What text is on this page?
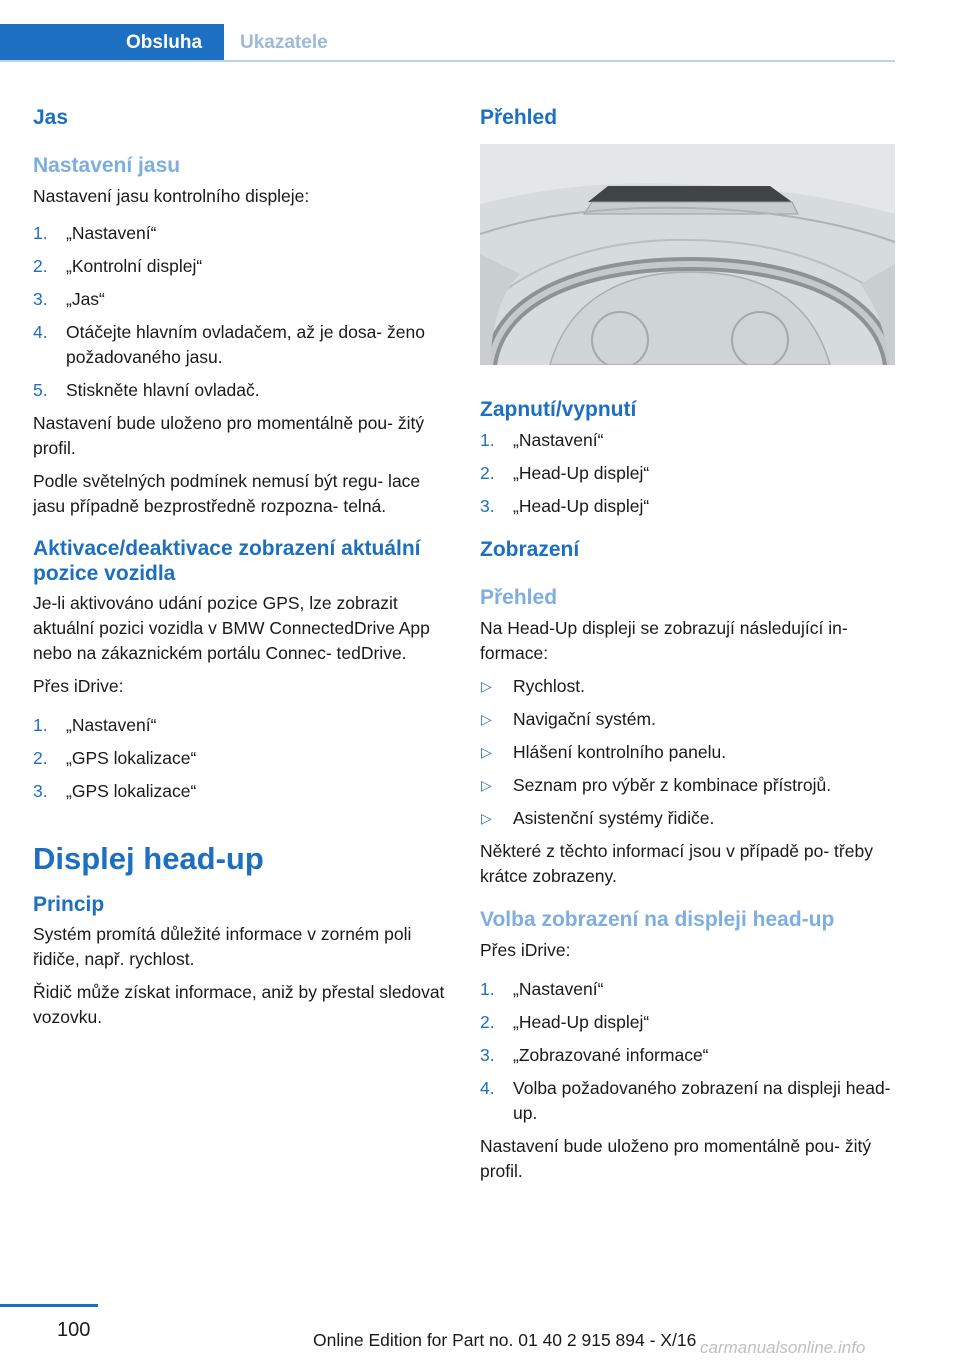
Obsluha	Ukazatele
Jas
Nastavení jasu
Nastavení jasu kontrolního displeje:
1. „Nastavení“
2. „Kontrolní displej“
3. „Jas“
4. Otáčejte hlavním ovladačem, až je dosa‐ ženo požadovaného jasu.
5. Stiskněte hlavní ovladač.
Nastavení bude uloženo pro momentálně pou‐ žitý profil.
Podle světelných podmínek nemusí být regu‐ lace jasu případně bezprostředně rozpozna‐ telná.
Aktivace/deaktivace zobrazení aktuální pozice vozidla
Je-li aktivováno udání pozice GPS, lze zobrazit aktuální pozici vozidla v BMW ConnectedDrive App nebo na zákaznickém portálu Connec‐ tedDrive.
Přes iDrive:
1. „Nastavení“
2. „GPS lokalizace“
3. „GPS lokalizace“
Displej head-up
Princip
Systém promítá důležité informace v zorném poli řidiče, např. rychlost.
Řidič může získat informace, aniž by přestal sledovat vozovku.
Přehled
Zapnutí/vypnutí
1. „Nastavení“
2. „Head-Up displej“
3. „Head-Up displej“
Zobrazení
Přehled
Na Head-Up displeji se zobrazují následující in‐ formace:
▷ Rychlost.
▷ Navigační systém.
▷ Hlášení kontrolního panelu.
▷ Seznam pro výběr z kombinace přístrojů.
▷ Asistenční systémy řidiče.
Některé z těchto informací jsou v případě po‐ třeby krátce zobrazeny.
Volba zobrazení na displeji head-up
Přes iDrive:
1. „Nastavení“
2. „Head-Up displej“
3. „Zobrazované informace“
4. Volba požadovaného zobrazení na displeji head-up.
Nastavení bude uloženo pro momentálně pou‐ žitý profil.
100	Online Edition for Part no. 01 40 2 915 894 - X/16 carmanualsonline.info
